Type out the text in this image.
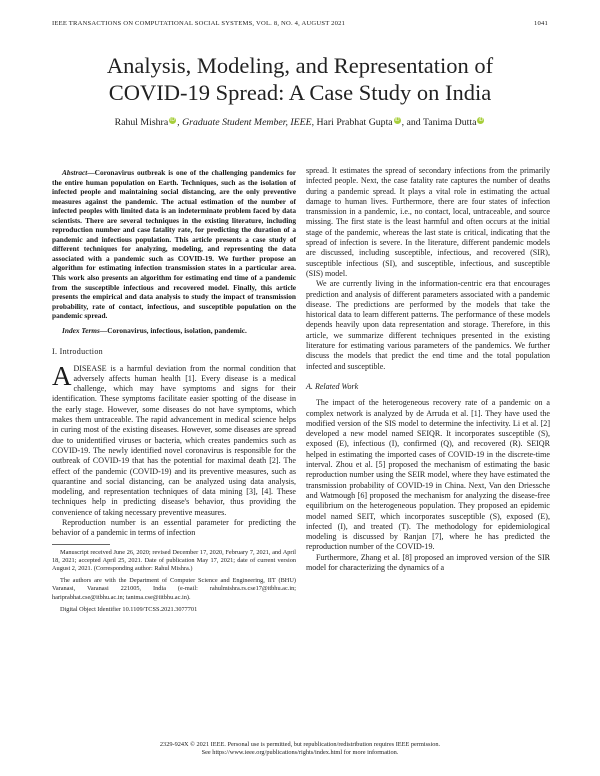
IEEE TRANSACTIONS ON COMPUTATIONAL SOCIAL SYSTEMS, VOL. 8, NO. 4, AUGUST 2021	1041
Analysis, Modeling, and Representation of
COVID-19 Spread: A Case Study on India
Rahul Mishra iD , Graduate Student Member, IEEE, Hari Prabhat Gupta iD , and Tanima Dutta iD

Abstract—Coronavirus outbreak is one of the challenging pandemics for the entire human population on Earth. Techniques, such as the isolation of infected people and maintaining social distancing, are the only preventive measures against the pandemic. The actual estimation of the number of infected peoples with limited data is an indeterminate problem faced by data scientists. There are several techniques in the existing literature, including reproduction number and case fatality rate, for predicting the duration of a pandemic and infectious population. This article presents a case study of different techniques for analyzing, modeling, and representing the data associated with a pandemic such as COVID-19. We further propose an algorithm for estimating infection transmission states in a particular area. This work also presents an algorithm for estimating end time of a pandemic from the susceptible infectious and recovered model. Finally, this article presents the empirical and data analysis to study the impact of transmission probability, rate of contact, infectious, and susceptible population on the pandemic spread.

Index Terms—Coronavirus, infectious, isolation, pandemic.

I. Introduction

ADISEASE is a harmful deviation from the normal condition that adversely affects human health [1]. Every disease is a medical challenge, which may have symptoms and signs for their identification. These symptoms facilitate easier spotting of the disease in the early stage. However, some diseases do not have symptoms, which makes them untraceable. The rapid advancement in medical science helps in curing most of the existing diseases. However, some diseases are spread due to unidentified viruses or bacteria, which creates pandemics such as COVID-19. The newly identified novel coronavirus is responsible for the outbreak of COVID-19 that has the potential for maximal death [2]. The effect of the pandemic (COVID-19) and its preventive measures, such as quarantine and social distancing, can be analyzed using data analysis, modeling, and representation techniques of data mining [3], [4]. These techniques help in predicting disease's behavior, thus providing the convenience of taking necessary preventive measures.

Reproduction number is an essential parameter for predicting the behavior of a pandemic in terms of infection

Manuscript received June 26, 2020; revised December 17, 2020, February 7, 2021, and April 18, 2021; accepted April 25, 2021. Date of publication May 17, 2021; date of current version August 2, 2021. (Corresponding author: Rahul Mishra.)

The authors are with the Department of Computer Science and Engineering, IIT (BHU) Varanasi, Varanasi 221005, India (e-mail: rahulmishra.rs.cse17@itbhu.ac.in; hariprabhat.cse@itbhu.ac.in; tanima.cse@iitbhu.ac.in).

Digital Object Identifier 10.1109/TCSS.2021.3077701

spread. It estimates the spread of secondary infections from the primarily infected people. Next, the case fatality rate captures the number of deaths during a pandemic spread. It plays a vital role in estimating the actual damage to human lives. Furthermore, there are four states of infection transmission in a pandemic, i.e., no contact, local, untraceable, and source missing. The first state is the least harmful and often occurs at the initial stage of the pandemic, whereas the last state is critical, indicating that the spread of infection is severe. In the literature, different pandemic models are discussed, including susceptible, infectious, and recovered (SIR), susceptible infectious (SI), and susceptible, infectious, and susceptible (SIS) model.

We are currently living in the information-centric era that encourages prediction and analysis of different parameters associated with a pandemic disease. The predictions are performed by the models that take the historical data to learn different patterns. The performance of these models depends heavily upon data representation and storage. Therefore, in this article, we summarize different techniques presented in the existing literature for estimating various parameters of the pandemics. We further discuss the models that predict the end time and the total population infected and susceptible.

A. Related Work

The impact of the heterogeneous recovery rate of a pandemic on a complex network is analyzed by de Arruda et al. [1]. They have used the modified version of the SIS model to determine the infectivity. Li et al. [2] developed a new model named SEIQR. It incorporates susceptible (S), exposed (E), infectious (I), confirmed (Q), and recovered (R). SEIQR helped in estimating the imported cases of COVID-19 in the discrete-time interval. Zhou et al. [5] proposed the mechanism of estimating the basic reproduction number using the SEIR model, where they have estimated the transmission probability of COVID-19 in China. Next, Van den Driessche and Watmough [6] proposed the mechanism for analyzing the disease-free equilibrium on the heterogeneous population. They proposed an epidemic model named SEIT, which incorporates susceptible (S), exposed (E), infected (I), and treated (T). The methodology for epidemiological modeling is discussed by Ranjan [7], where he has predicted the reproduction number of the COVID-19.

Furthermore, Zhang et al. [8] proposed an improved version of the SIR model for characterizing the dynamics of a

2329-924X © 2021 IEEE. Personal use is permitted, but republication/redistribution requires IEEE permission.
See https://www.ieee.org/publications/rights/index.html for more information.
